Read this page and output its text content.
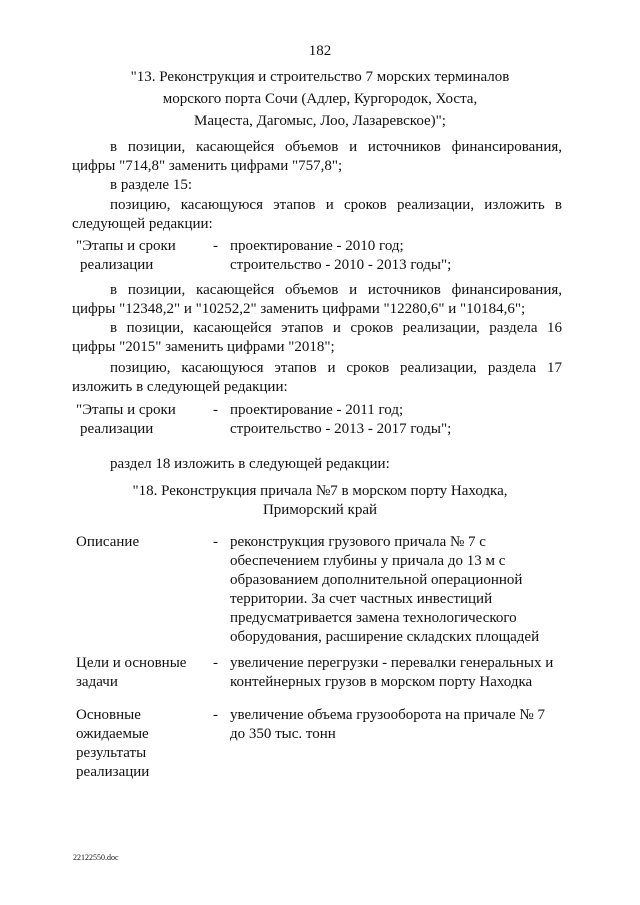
182
"13. Реконструкция и строительство 7 морских терминалов
морского порта Сочи (Адлер, Кургородок, Хоста,
Мацеста, Дагомыс, Лоо, Лазаревское)";
в позиции, касающейся объемов и источников финансирования,
цифры "714,8" заменить цифрами "757,8";
в разделе 15:
позицию, касающуюся этапов и сроков реализации, изложить в
следующей редакции:
"Этапы и сроки
реализации
- проектирование - 2010 год;
строительство - 2010 - 2013 годы";
в позиции, касающейся объемов и источников финансирования,
цифры "12348,2" и "10252,2" заменить цифрами "12280,6" и "10184,6";
в позиции, касающейся этапов и сроков реализации, раздела 16
цифры "2015" заменить цифрами "2018";
позицию, касающуюся этапов и сроков реализации, раздела 17
изложить в следующей редакции:
"Этапы и сроки
реализации
- проектирование - 2011 год;
строительство - 2013 - 2017 годы";
раздел 18 изложить в следующей редакции:
"18. Реконструкция причала №7 в морском порту Находка,
Приморский край
Описание	- реконструкция грузового причала № 7 с
обеспечением глубины у причала до 13 м с
образованием дополнительной операционной
территории. За счет частных инвестиций
предусматривается замена технологического
оборудования, расширение складских площадей
Цели и основные
задачи
- увеличение перегрузки - перевалки генеральных и
контейнерных грузов в морском порту Находка
Основные
ожидаемые
результаты
реализации
- увеличение объема грузооборота на причале № 7
до 350 тыс. тонн
22122550.doc
